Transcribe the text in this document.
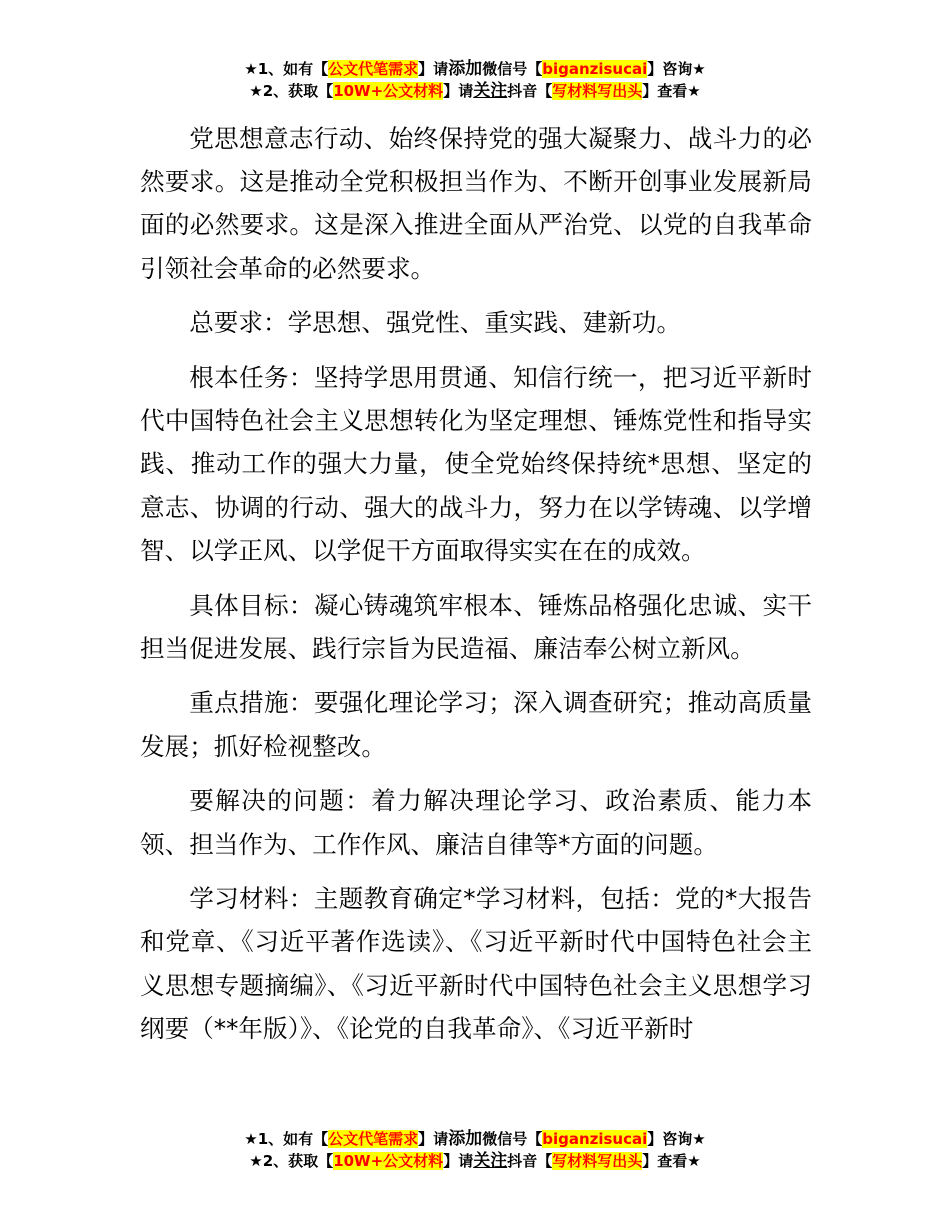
★1、如有【公文代笔需求】请添加微信号【biganzisucai】咨询★
★2、获取【10W+公文材料】请关注抖音【写材料写出头】查看★

党思想意志行动、始终保持党的强大凝聚力、战斗力的必然要求。这是推动全党积极担当作为、不断开创事业发展新局面的必然要求。这是深入推进全面从严治党、以党的自我革命引领社会革命的必然要求。

总要求：学思想、强党性、重实践、建新功。

根本任务：坚持学思用贯通、知信行统一，把习近平新时代中国特色社会主义思想转化为坚定理想、锤炼党性和指导实践、推动工作的强大力量，使全党始终保持统*思想、坚定的意志、协调的行动、强大的战斗力，努力在以学铸魂、以学增智、以学正风、以学促干方面取得实实在在的成效。

具体目标：凝心铸魂筑牢根本、锤炼品格强化忠诚、实干担当促进发展、践行宗旨为民造福、廉洁奉公树立新风。

重点措施：要强化理论学习；深入调查研究；推动高质量发展；抓好检视整改。

要解决的问题：着力解决理论学习、政治素质、能力本领、担当作为、工作作风、廉洁自律等*方面的问题。

学习材料：主题教育确定*学习材料，包括：党的*大报告和党章、《习近平著作选读》、《习近平新时代中国特色社会主义思想专题摘编》、《习近平新时代中国特色社会主义思想学习纲要（**年版）》、《论党的自我革命》、《习近平新时

★1、如有【公文代笔需求】请添加微信号【biganzisucai】咨询★
★2、获取【10W+公文材料】请关注抖音【写材料写出头】查看★
